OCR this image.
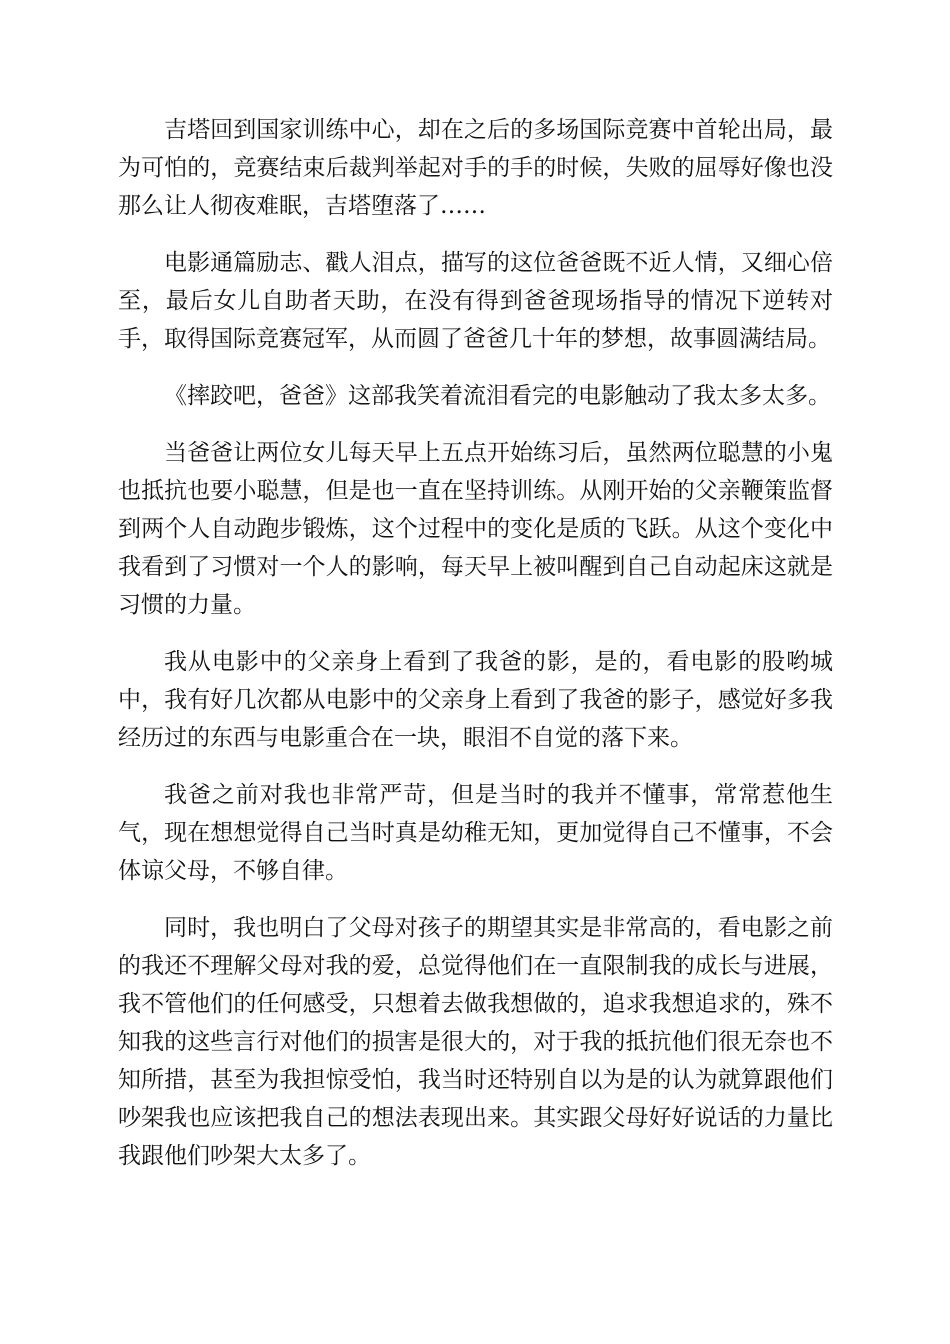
吉塔回到国家训练中心，却在之后的多场国际竞赛中首轮出局，最为可怕的，竞赛结束后裁判举起对手的手的时候，失败的屈辱好像也没那么让人彻夜难眠，吉塔堕落了……

电影通篇励志、戳人泪点，描写的这位爸爸既不近人情，又细心倍至，最后女儿自助者天助，在没有得到爸爸现场指导的情况下逆转对手，取得国际竞赛冠军，从而圆了爸爸几十年的梦想，故事圆满结局。

《摔跤吧，爸爸》这部我笑着流泪看完的电影触动了我太多太多。

当爸爸让两位女儿每天早上五点开始练习后，虽然两位聪慧的小鬼也抵抗也要小聪慧，但是也一直在坚持训练。从刚开始的父亲鞭策监督到两个人自动跑步锻炼，这个过程中的变化是质的飞跃。从这个变化中我看到了习惯对一个人的影响，每天早上被叫醒到自己自动起床这就是习惯的力量。

我从电影中的父亲身上看到了我爸的影，是的，看电影的股哟城中，我有好几次都从电影中的父亲身上看到了我爸的影子，感觉好多我经历过的东西与电影重合在一块，眼泪不自觉的落下来。

我爸之前对我也非常严苛，但是当时的我并不懂事，常常惹他生气，现在想想觉得自己当时真是幼稚无知，更加觉得自己不懂事，不会体谅父母，不够自律。

同时，我也明白了父母对孩子的期望其实是非常高的，看电影之前的我还不理解父母对我的爱，总觉得他们在一直限制我的成长与进展，我不管他们的任何感受，只想着去做我想做的，追求我想追求的，殊不知我的这些言行对他们的损害是很大的，对于我的抵抗他们很无奈也不知所措，甚至为我担惊受怕，我当时还特别自以为是的认为就算跟他们吵架我也应该把我自己的想法表现出来。其实跟父母好好说话的力量比我跟他们吵架大太多了。
